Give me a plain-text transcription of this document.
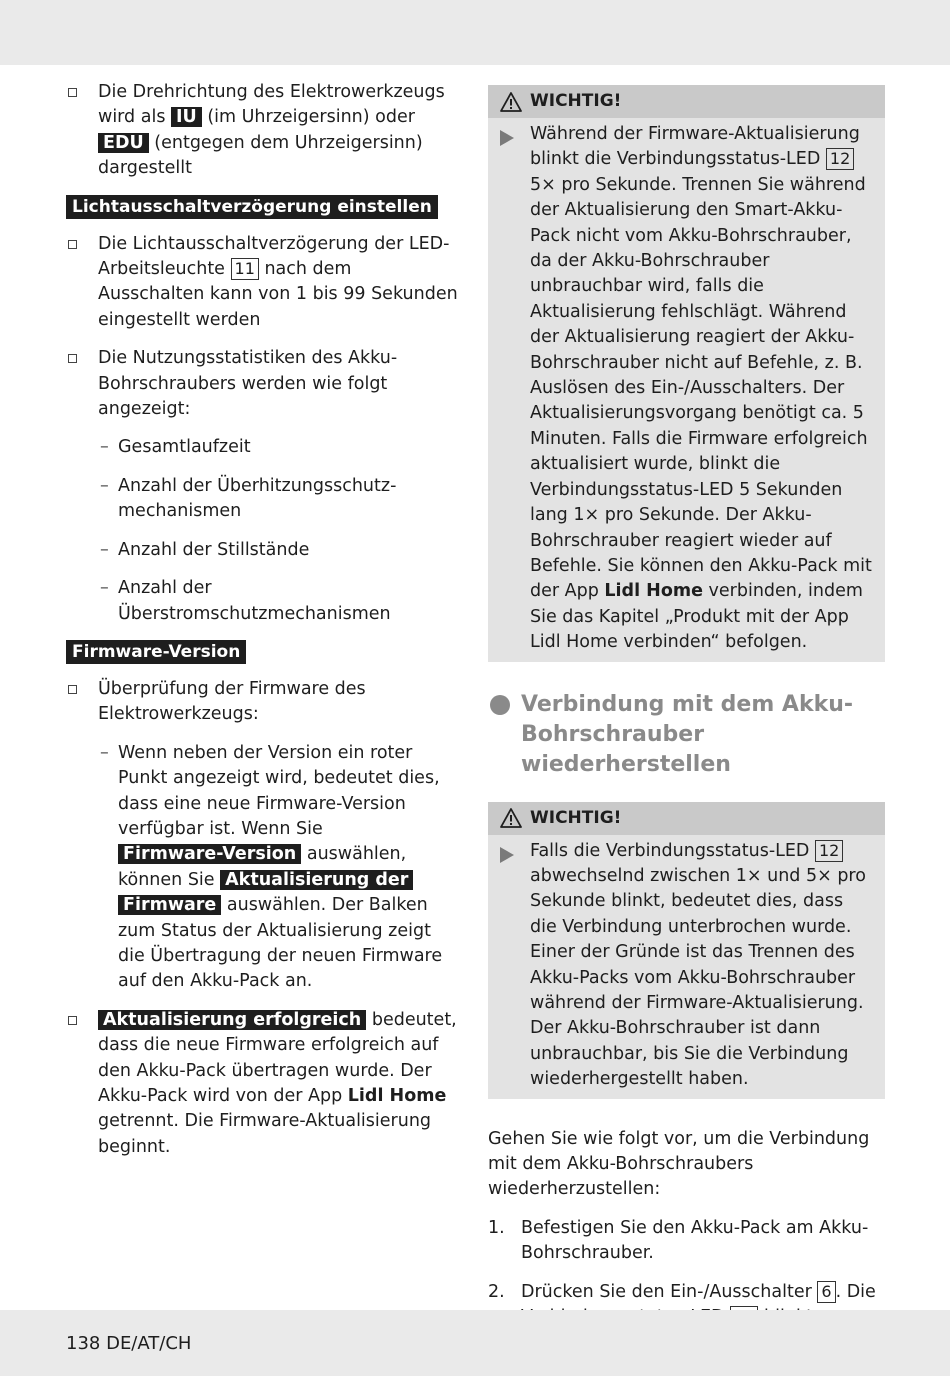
Die Drehrichtung des Elektrowerkzeugs wird als IU (im Uhrzeigersinn) oder EDU (entgegen dem Uhrzeigersinn) dargestellt
Lichtausschaltverzögerung einstellen
Die Lichtausschaltverzögerung der LED-Arbeitsleuchte 11 nach dem Ausschalten kann von 1 bis 99 Sekunden eingestellt werden
Die Nutzungsstatistiken des Akku-Bohrschraubers werden wie folgt angezeigt:
– Gesamtlaufzeit
– Anzahl der Überhitzungsschutz-mechanismen
– Anzahl der Stillstände
– Anzahl der Überstromschutzmechanismen
Firmware-Version
Überprüfung der Firmware des Elektrowerkzeugs:
– Wenn neben der Version ein roter Punkt angezeigt wird, bedeutet dies, dass eine neue Firmware-Version verfügbar ist. Wenn Sie Firmware-Version auswählen, können Sie Aktualisierung der Firmware auswählen. Der Balken zum Status der Aktualisierung zeigt die Übertragung der neuen Firmware auf den Akku-Pack an.
Aktualisierung erfolgreich bedeutet, dass die neue Firmware erfolgreich auf den Akku-Pack übertragen wurde. Der Akku-Pack wird von der App Lidl Home getrennt. Die Firmware-Aktualisierung beginnt.
WICHTIG!
Während der Firmware-Aktualisierung blinkt die Verbindungsstatus-LED 12 5× pro Sekunde. Trennen Sie während der Aktualisierung den Smart-Akku-Pack nicht vom Akku-Bohrschrauber, da der Akku-Bohrschrauber unbrauchbar wird, falls die Aktualisierung fehlschlägt. Während der Aktualisierung reagiert der Akku-Bohrschrauber nicht auf Befehle, z. B. Auslösen des Ein-/Ausschalters. Der Aktualisierungsvorgang benötigt ca. 5 Minuten. Falls die Firmware erfolgreich aktualisiert wurde, blinkt die Verbindungsstatus-LED 5 Sekunden lang 1× pro Sekunde. Der Akku-Bohrschrauber reagiert wieder auf Befehle. Sie können den Akku-Pack mit der App Lidl Home verbinden, indem Sie das Kapitel „Produkt mit der App Lidl Home verbinden“ befolgen.
Verbindung mit dem Akku-Bohrschrauber wiederherstellen
WICHTIG!
Falls die Verbindungsstatus-LED 12 abwechselnd zwischen 1× und 5× pro Sekunde blinkt, bedeutet dies, dass die Verbindung unterbrochen wurde. Einer der Gründe ist das Trennen des Akku-Packs vom Akku-Bohrschrauber während der Firmware-Aktualisierung. Der Akku-Bohrschrauber ist dann unbrauchbar, bis Sie die Verbindung wiederhergestellt haben.
Gehen Sie wie folgt vor, um die Verbindung mit dem Akku-Bohrschraubers wiederherzustellen:
1. Befestigen Sie den Akku-Pack am Akku-Bohrschrauber.
2. Drücken Sie den Ein-/Ausschalter 6 . Die
138 DE/AT/CH
